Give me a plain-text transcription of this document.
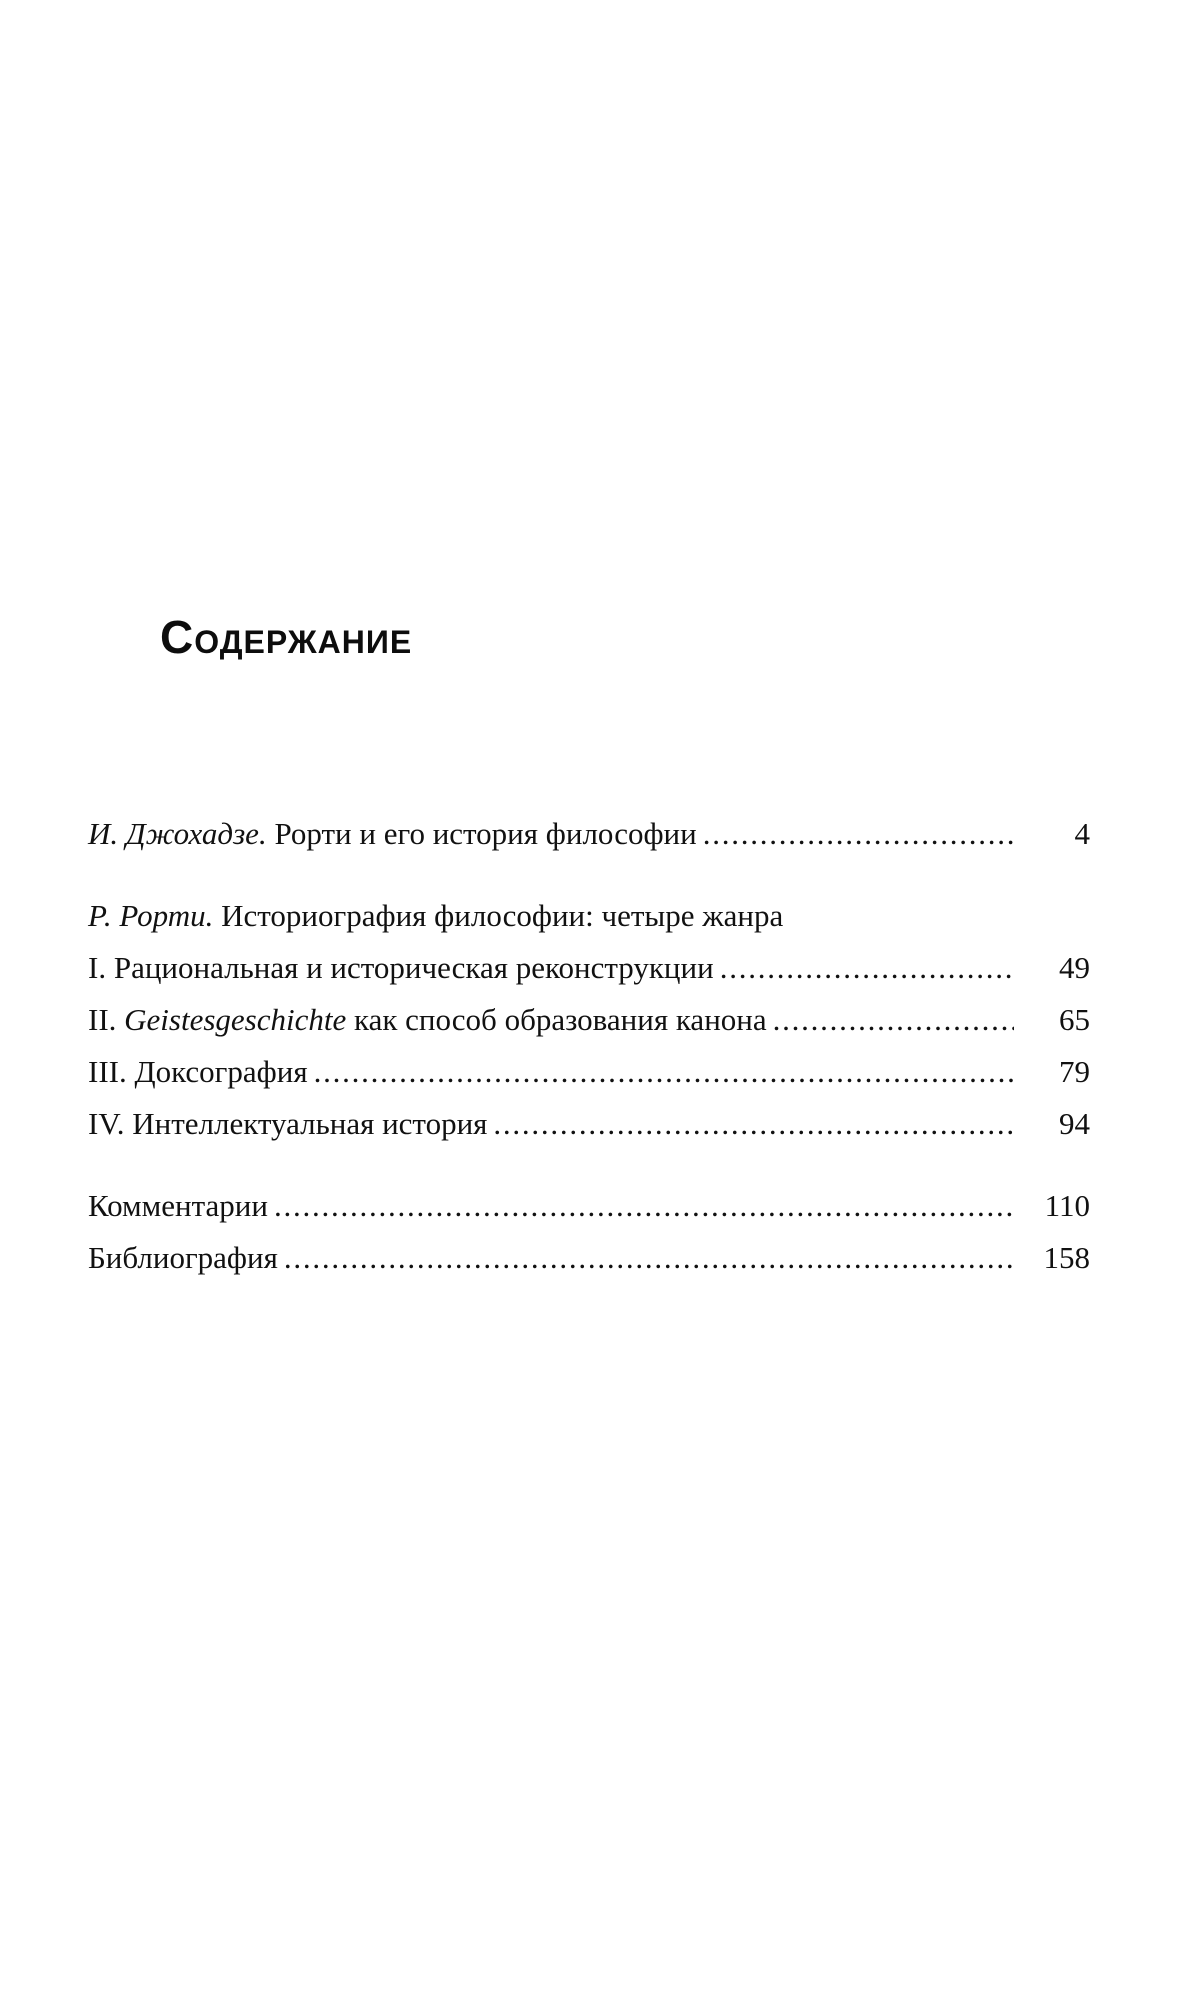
Содержание
И. Джохадзе. Рорти и его история философии . . .	4
Р. Рорти. Историография философии: четыре жанра
I. Рациональная и историческая реконструкции . . .	49
II. Geistesgeschichte как способ образования канона . . .	65
III. Доксография . . .	79
IV. Интеллектуальная история . . .	94
Комментарии . . .	110
Библиография . . .	158
